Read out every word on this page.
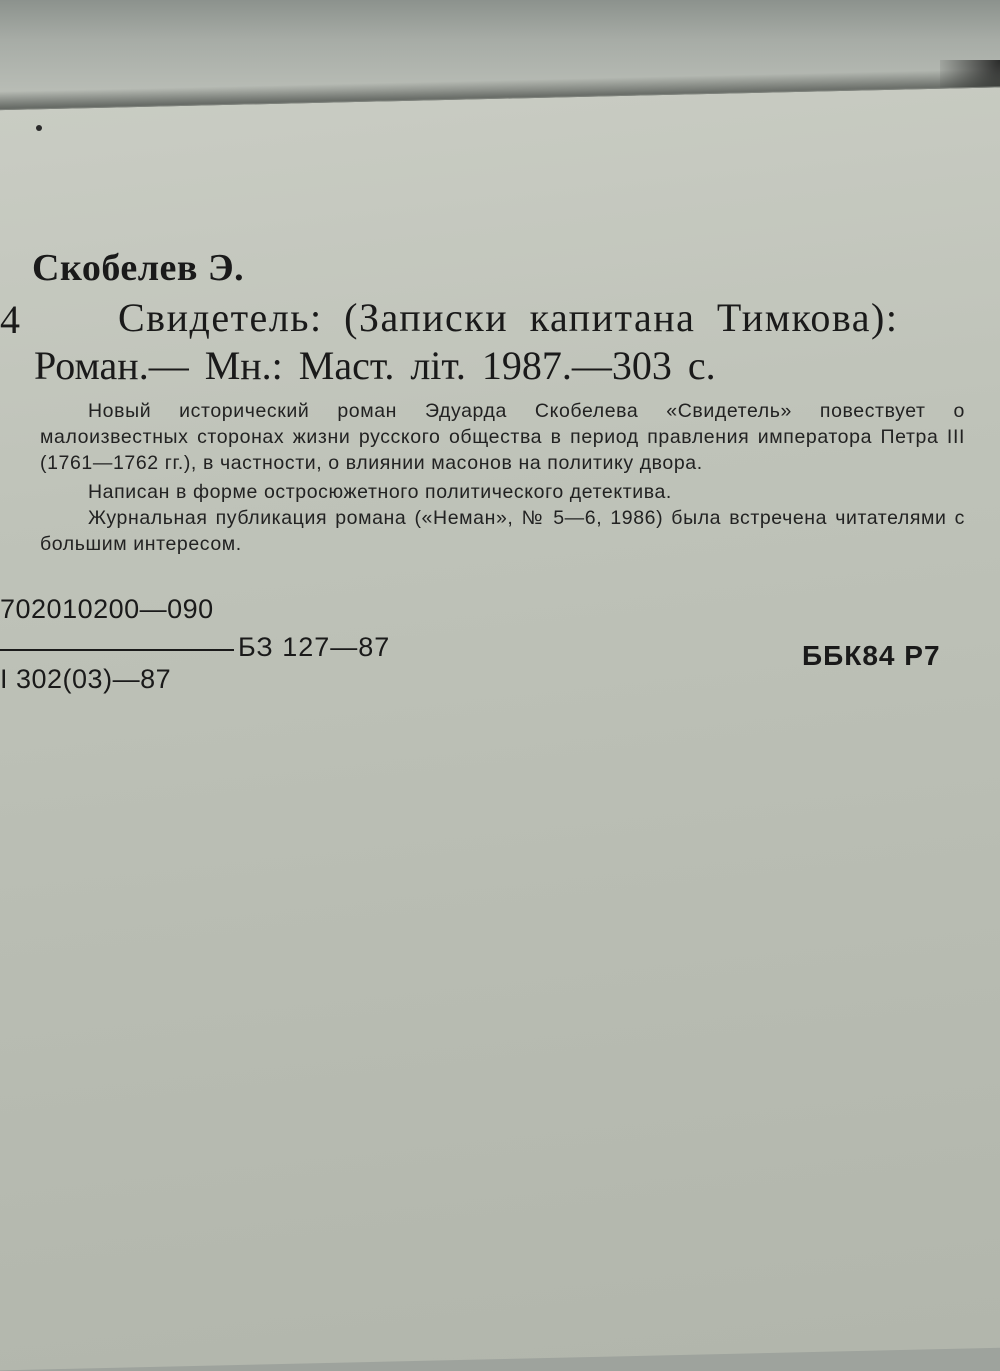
Скобелев Э.
4 Свидетель: (Записки капитана Тимкова):
Роман.— Мн.: Маст. літ. 1987.—303 с.

Новый исторический роман Эдуарда Скобелева «Свидетель» повествует о малоизвестных сторонах жизни русского общества в период правления императора Петра III (1761—1762 гг.), в частности, о влиянии масонов на политику двора.

Написан в форме остросюжетного политического детектива.

Журнальная публикация романа («Неман», № 5—6, 1986) была встречена читателями с большим интересом.

702010200—090
БЗ 127—87
I 302(03)—87
ББК84 Р7
